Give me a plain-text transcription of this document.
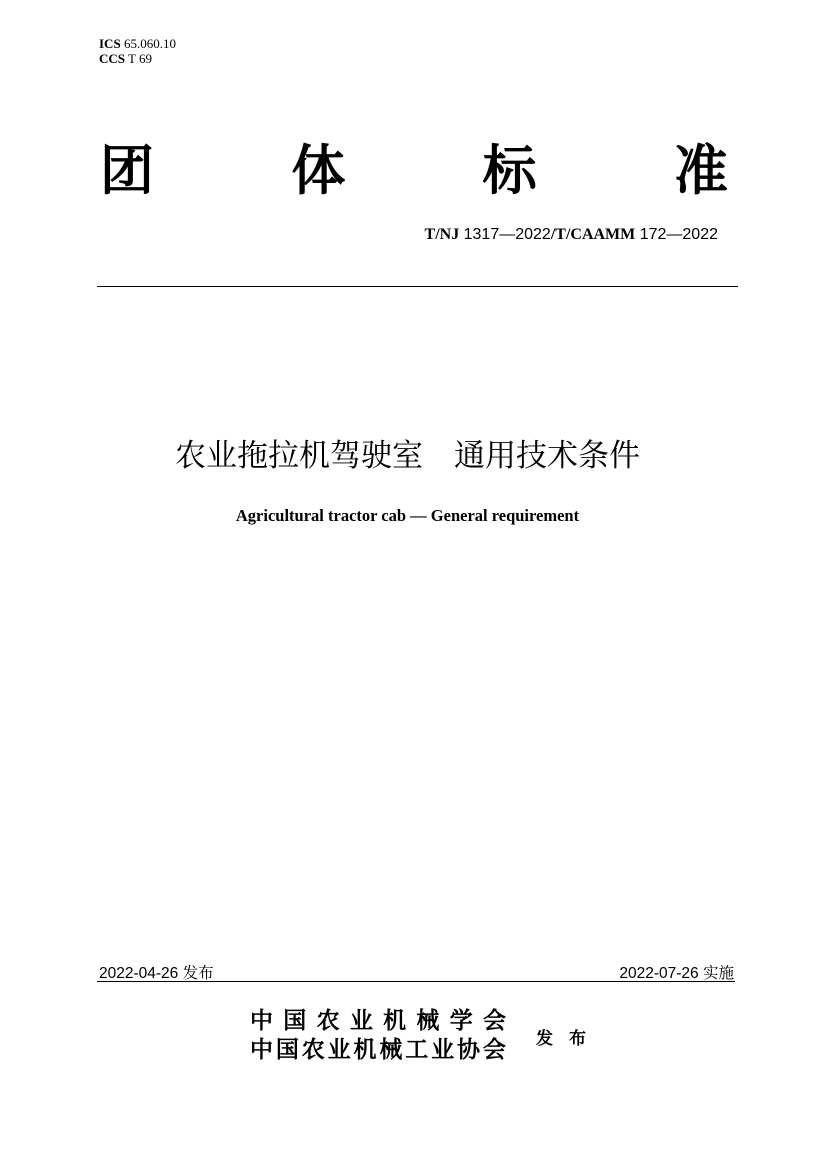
ICS 65.060.10
CCS T 69
团	体	标	准
T/NJ 1317—2022/T/CAAMM 172—2022
农业拖拉机驾驶室　通用技术条件
Agricultural tractor cab — General requirement
2022-04-26 发布	2022-07-26 实施
中 国 农 业 机 械 学 会
中 国 农 业 机 械 工 业 协 会 发 布
